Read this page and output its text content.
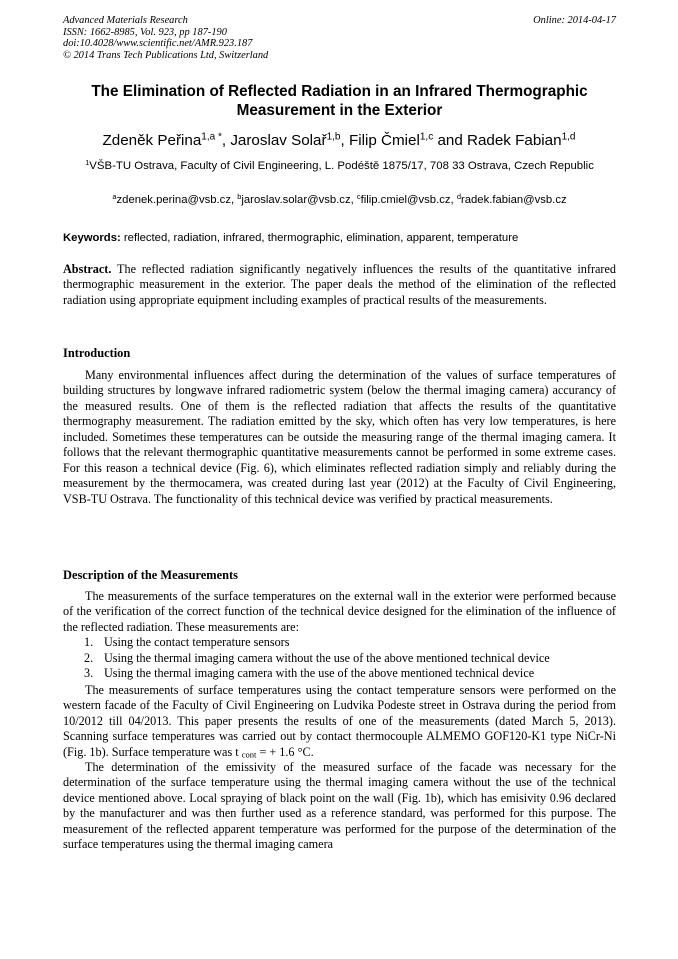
Advanced Materials Research
ISSN: 1662-8985, Vol. 923, pp 187-190
doi:10.4028/www.scientific.net/AMR.923.187
© 2014 Trans Tech Publications Ltd, Switzerland
Online: 2014-04-17
The Elimination of Reflected Radiation in an Infrared Thermographic Measurement in the Exterior
Zdeněk Peřina$^{1,a *}$, Jaroslav Solař$^{1,b}$, Filip Čmiel$^{1,c}$ and Radek Fabian$^{1,d}$
$^1$VŠB-TU Ostrava, Faculty of Civil Engineering, L. Podéště 1875/17, 708 33 Ostrava, Czech Republic
$^a$zdenek.perina@vsb.cz, $^b$jaroslav.solar@vsb.cz, $^c$filip.cmiel@vsb.cz, $^d$radek.fabian@vsb.cz
Keywords: reflected, radiation, infrared, thermographic, elimination, apparent, temperature

Abstract. The reflected radiation significantly negatively influences the results of the quantitative infrared thermographic measurement in the exterior. The paper deals the method of the elimination of the reflected radiation using appropriate equipment including examples of practical results of the measurements.

Introduction

Many environmental influences affect during the determination of the values of surface temperatures of building structures by longwave infrared radiometric system (below the thermal imaging camera) accurancy of the measured results. One of them is the reflected radiation that affects the results of the quantitative thermography measurement. The radiation emitted by the sky, which often has very low temperatures, is here included. Sometimes these temperatures can be outside the measuring range of the thermal imaging camera. It follows that the relevant thermographic quantitative measurements cannot be performed in some extreme cases. For this reason a technical device (Fig. 6), which eliminates reflected radiation simply and reliably during the measurement by the thermocamera, was created during last year (2012) at the Faculty of Civil Engineering, VSB-TU Ostrava. The functionality of this technical device was verified by practical measurements.

Description of the Measurements

The measurements of the surface temperatures on the external wall in the exterior were performed because of the verification of the correct function of the technical device designed for the elimination of the influence of the reflected radiation. These measurements are:

1. Using the contact temperature sensors
2. Using the thermal imaging camera without the use of the above mentioned technical device
3. Using the thermal imaging camera with the use of the above mentioned technical device

The measurements of surface temperatures using the contact temperature sensors were performed on the western facade of the Faculty of Civil Engineering on Ludvika Podeste street in Ostrava during the period from 10/2012 till 04/2013. This paper presents the results of one of the measurements (dated March 5, 2013). Scanning surface temperatures was carried out by contact thermocouple ALMEMO GOF120-K1 type NiCr-Ni (Fig. 1b). Surface temperature was t $_{cont}$ = + 1.6 °C.

The determination of the emissivity of the measured surface of the facade was necessary for the determination of the surface temperature using the thermal imaging camera without the use of the technical device mentioned above. Local spraying of black point on the wall (Fig. 1b), which has emisivity 0.96 declared by the manufacturer and was then further used as a reference standard, was performed for this purpose. The measurement of the reflected apparent temperature was performed for the purpose of the determination of the surface temperatures using the thermal imaging camera
